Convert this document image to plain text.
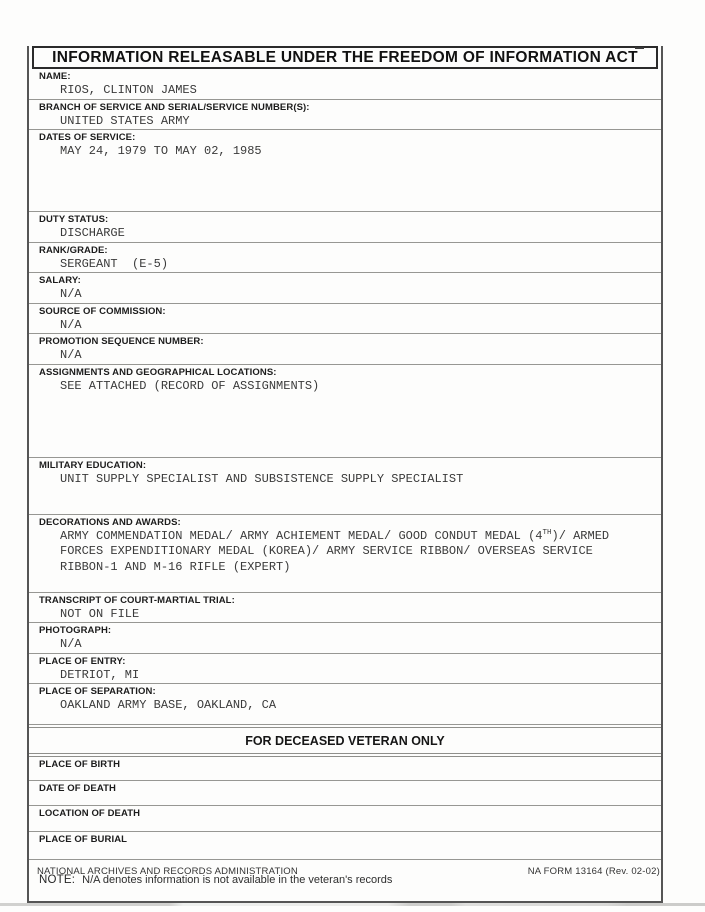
INFORMATION RELEASABLE UNDER THE FREEDOM OF INFORMATION ACT
NAME:
RIOS, CLINTON JAMES
BRANCH OF SERVICE AND SERIAL/SERVICE NUMBER(S):
UNITED STATES ARMY
DATES OF SERVICE:
MAY 24, 1979 TO MAY 02, 1985
DUTY STATUS:
DISCHARGE
RANK/GRADE:
SERGEANT  (E-5)
SALARY:
N/A
SOURCE OF COMMISSION:
N/A
PROMOTION SEQUENCE NUMBER:
N/A
ASSIGNMENTS AND GEOGRAPHICAL LOCATIONS:
SEE ATTACHED (RECORD OF ASSIGNMENTS)
MILITARY EDUCATION:
UNIT SUPPLY SPECIALIST AND SUBSISTENCE SUPPLY SPECIALIST
DECORATIONS AND AWARDS:
ARMY COMMENDATION MEDAL/ ARMY ACHIEMENT MEDAL/ GOOD CONDUT MEDAL (4TH)/ ARMED
FORCES EXPENDITIONARY MEDAL (KOREA)/ ARMY SERVICE RIBBON/ OVERSEAS SERVICE
RIBBON-1 AND M-16 RIFLE (EXPERT)
TRANSCRIPT OF COURT-MARTIAL TRIAL:
NOT ON FILE
PHOTOGRAPH:
N/A
PLACE OF ENTRY:
DETRIOT, MI
PLACE OF SEPARATION:
OAKLAND ARMY BASE, OAKLAND, CA
FOR DECEASED VETERAN ONLY
PLACE OF BIRTH
DATE OF DEATH
LOCATION OF DEATH
PLACE OF BURIAL
NOTE: N/A denotes information is not available in the veteran's records
NATIONAL ARCHIVES AND RECORDS ADMINISTRATION	NA FORM 13164 (Rev. 02-02)
